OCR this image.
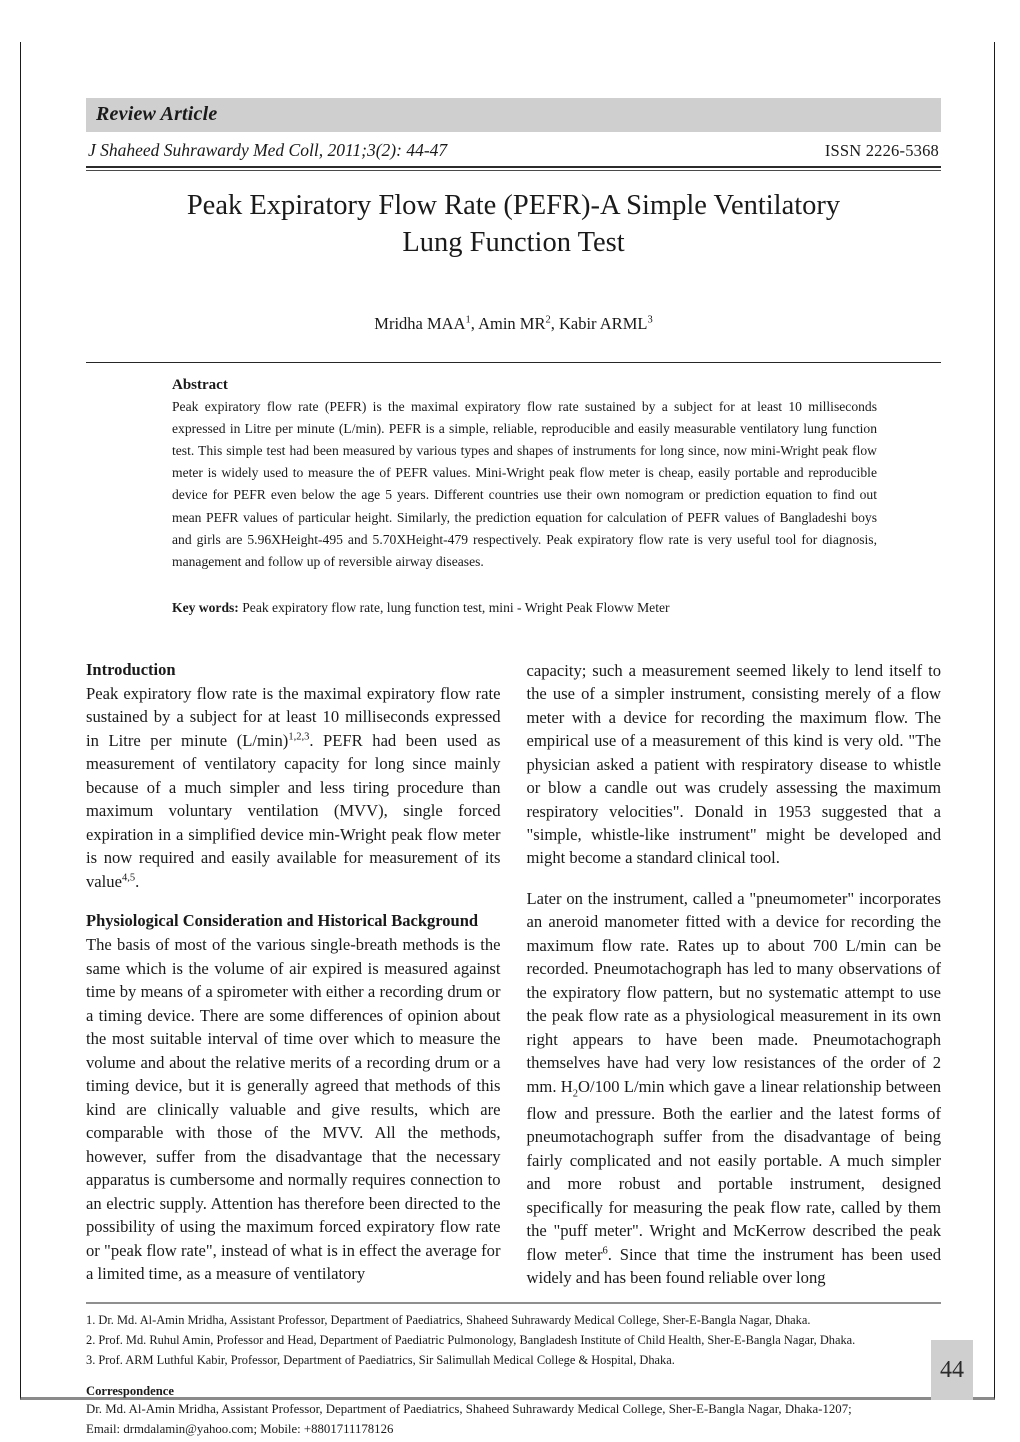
Review Article
J Shaheed Suhrawardy Med Coll, 2011;3(2): 44-47	ISSN 2226-5368
Peak Expiratory Flow Rate (PEFR)-A Simple Ventilatory
Lung Function Test
Mridha MAA$^1$, Amin $MR^2$, Kabir ARML$^3$
Abstract
Peak expiratory flow rate (PEFR) is the maximal expiratory flow rate sustained by a subject for at least 10 milliseconds expressed in Litre per minute (L/min). PEFR is a simple, reliable, reproducible and easily measurable ventilatory lung function test. This simple test had been measured by various types and shapes of instruments for long since, now mini-Wright peak flow meter is widely used to measure the of PEFR values. Mini-Wright peak flow meter is cheap, easily portable and reproducible device for PEFR even below the age 5 years. Different countries use their own nomogram or prediction equation to find out mean PEFR values of particular height. Similarly, the prediction equation for calculation of PEFR values of Bangladeshi boys and girls are 5.96XHeight-495 and 5.70XHeight-479 respectively. Peak expiratory flow rate is very useful tool for diagnosis, management and follow up of reversible airway diseases.
Key words: Peak expiratory flow rate, lung function test, mini - Wright Peak Floww Meter
Introduction

Peak expiratory flow rate is the maximal expiratory flow rate sustained by a subject for at least 10 milliseconds expressed in Litre per minute $(L/\min)^{1,2,3}$. PEFR had been used as measurement of ventilatory capacity for long since mainly because of a much simpler and less tiring procedure than maximum voluntary ventilation (MVV), single forced expiration in a simplified device min-Wright peak flow meter is now required and easily available for measurement of its value$^{4,5}$.

Physiological Consideration and Historical Background

The basis of most of the various single-breath methods is the same which is the volume of air expired is measured against time by means of a spirometer with either a recording drum or a timing device. There are some differences of opinion about the most suitable interval of time over which to measure the volume and about the relative merits of a recording drum or a timing device, but it is generally agreed that methods of this kind are clinically valuable and give results, which are comparable with those of the MVV. All the methods, however, suffer from the disadvantage that the necessary apparatus is cumbersome and normally requires connection to an electric supply. Attention has therefore been directed to the possibility of using the maximum forced expiratory flow rate or "peak flow rate", instead of what is in effect the average for a limited time, as a measure of ventilatory

capacity; such a measurement seemed likely to lend itself to the use of a simpler instrument, consisting merely of a flow meter with a device for recording the maximum flow. The empirical use of a measurement of this kind is very old. "The physician asked a patient with respiratory disease to whistle or blow a candle out was crudely assessing the maximum respiratory velocities". Donald in 1953 suggested that a "simple, whistle-like instrument" might be developed and might become a standard clinical tool.

Later on the instrument, called a "pneumometer" incorporates an aneroid manometer fitted with a device for recording the maximum flow rate. Rates up to about 700 L/min can be recorded. Pneumotachograph has led to many observations of the expiratory flow pattern, but no systematic attempt to use the peak flow rate as a physiological measurement in its own right appears to have been made. Pneumotachograph themselves have had very low resistances of the order of 2 mm. $H_2O/100$ L/min which gave a linear relationship between flow and pressure. Both the earlier and the latest forms of pneumotachograph suffer from the disadvantage of being fairly complicated and not easily portable. A much simpler and more robust and portable instrument, designed specifically for measuring the peak flow rate, called by them the "puff meter". Wright and McKerrow described the peak flow meter$^6$. Since that time the instrument has been used widely and has been found reliable over long

1. Dr. Md. Al-Amin Mridha, Assistant Professor, Department of Paediatrics, Shaheed Suhrawardy Medical College, Sher-E-Bangla Nagar, Dhaka.
2. Prof. Md. Ruhul Amin, Professor and Head, Department of Paediatric Pulmonology, Bangladesh Institute of Child Health, Sher-E-Bangla Nagar, Dhaka.
3. Prof. ARM Luthful Kabir, Professor, Department of Paediatrics, Sir Salimullah Medical College & Hospital, Dhaka.
Correspondence
Dr. Md. Al-Amin Mridha, Assistant Professor, Department of Paediatrics, Shaheed Suhrawardy Medical College, Sher-E-Bangla Nagar, Dhaka-1207;
Email: drmdalamin@yahoo.com; Mobile: +8801711178126
44
